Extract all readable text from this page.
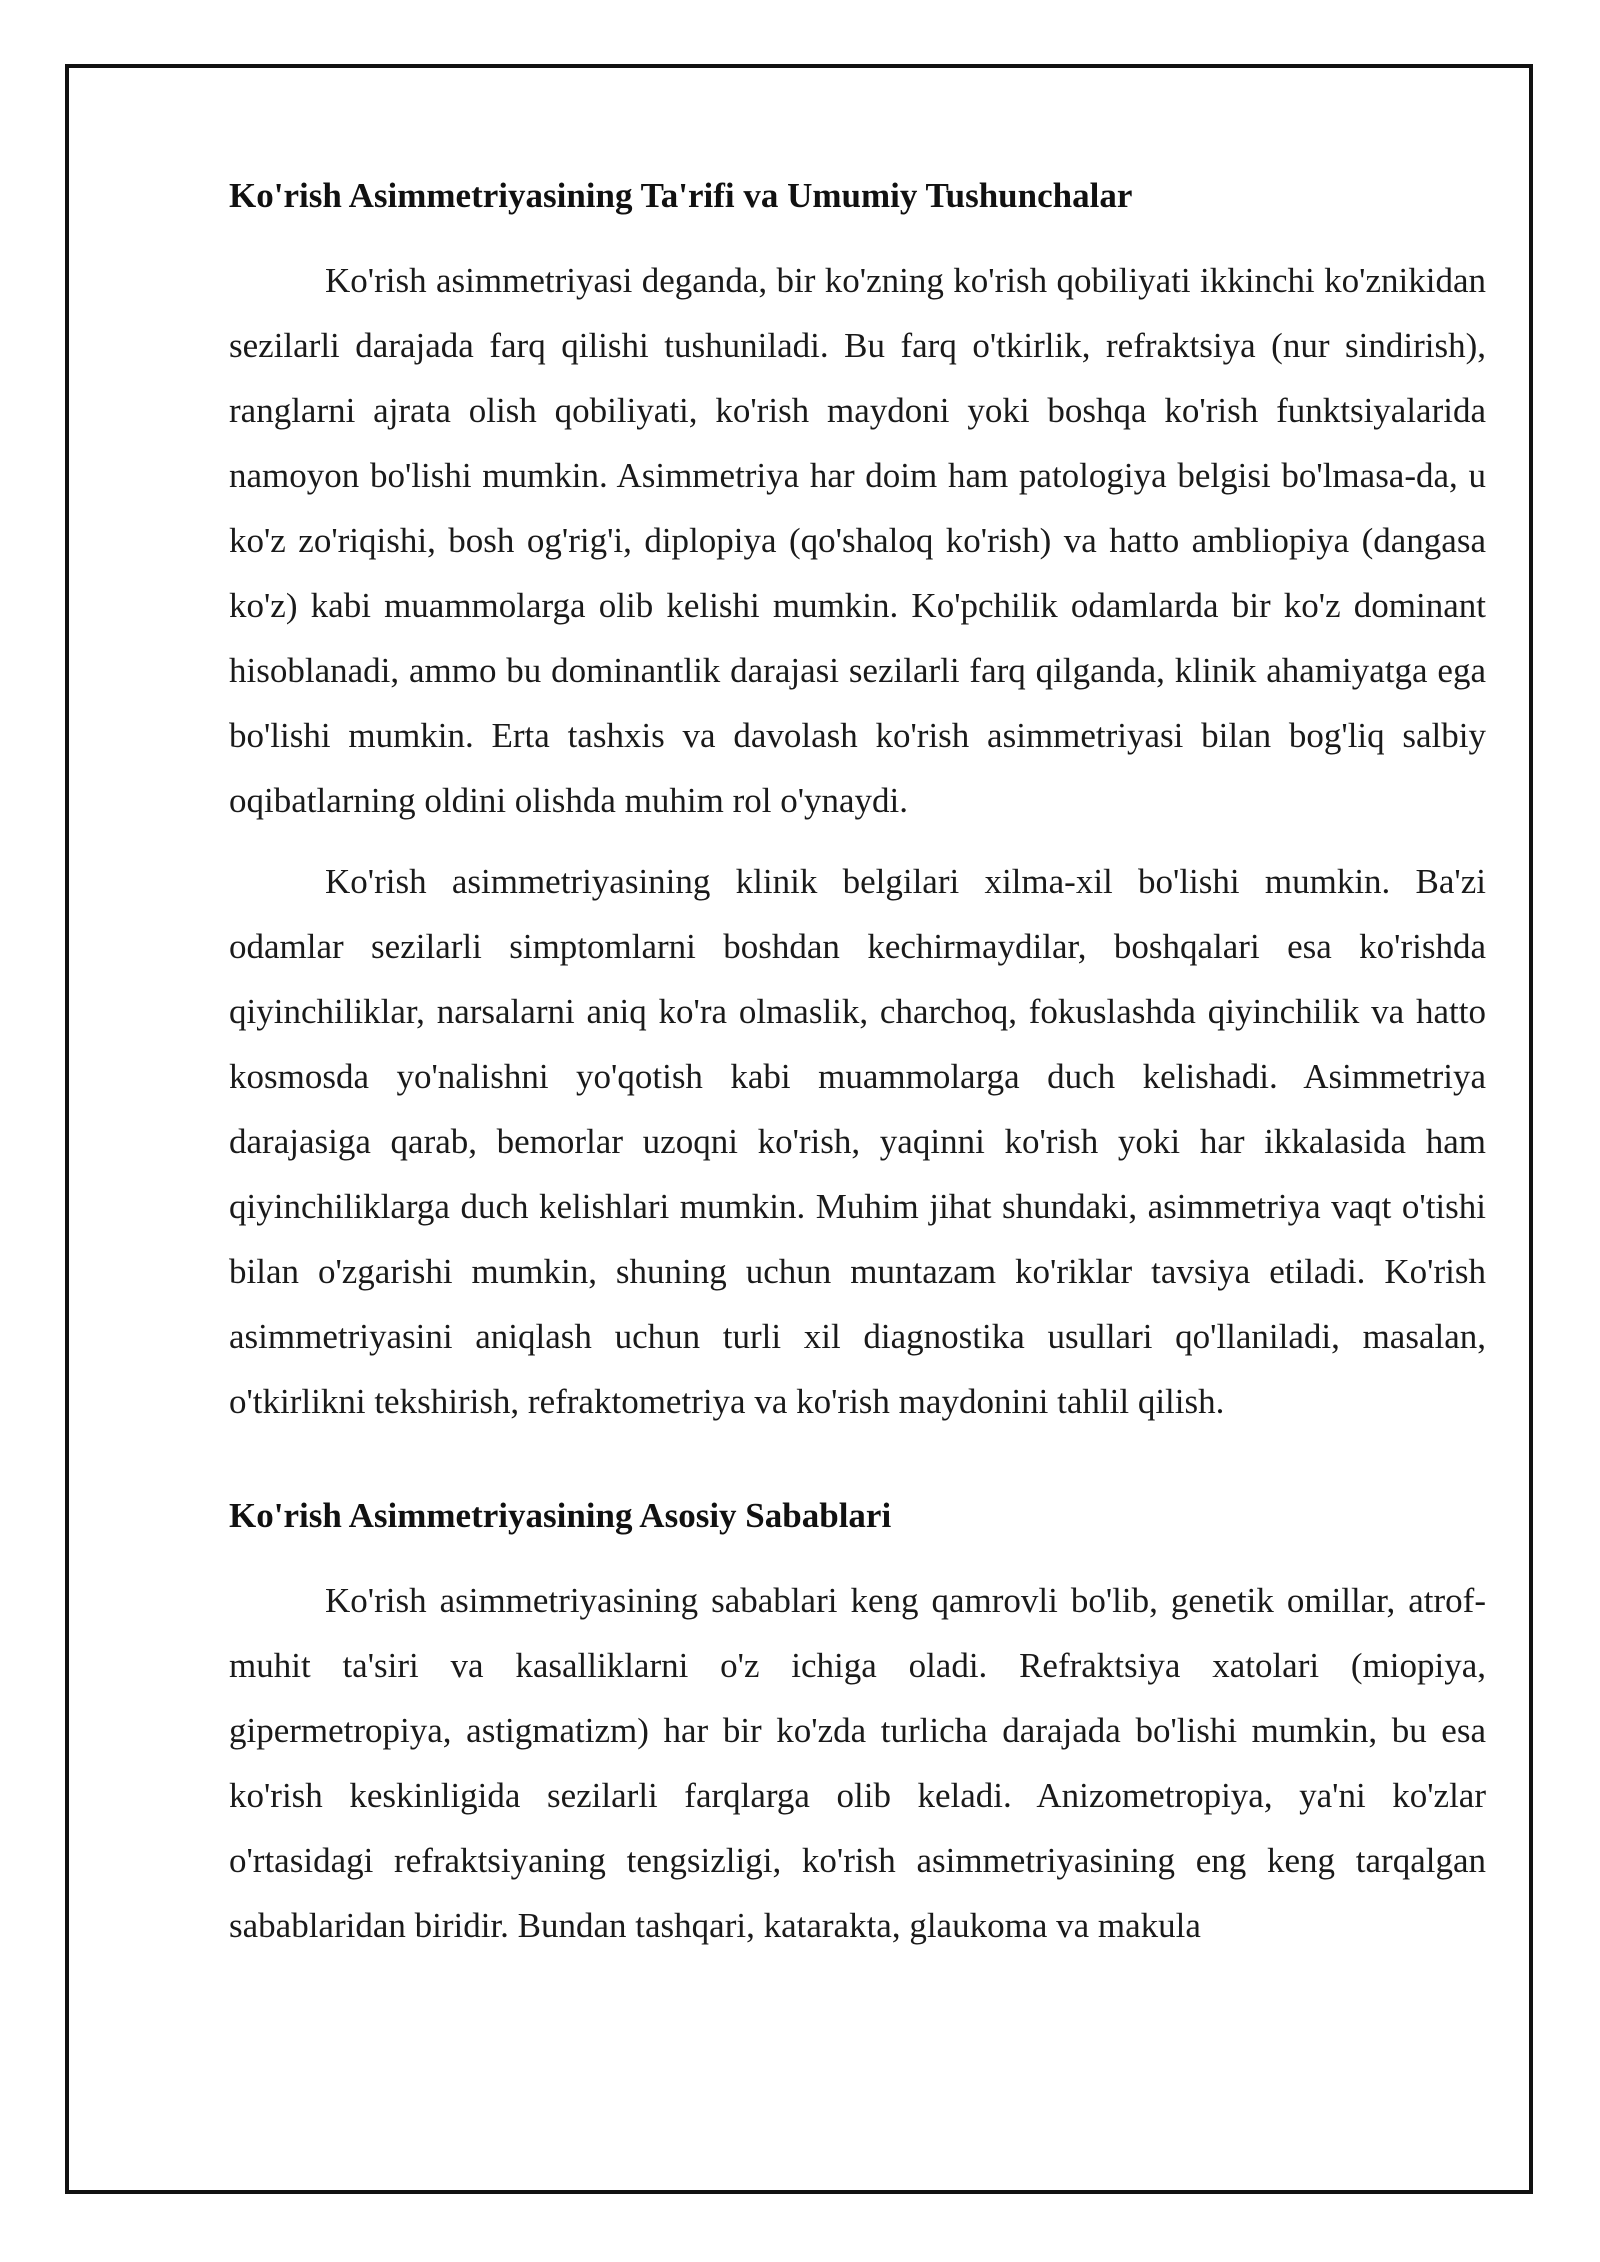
Ko'rish Asimmetriyasining Ta'rifi va Umumiy Tushunchalar

Ko'rish asimmetriyasi deganda, bir ko'zning ko'rish qobiliyati ikkinchi ko'znikidan sezilarli darajada farq qilishi tushuniladi. Bu farq o'tkirlik, refraktsiya (nur sindirish), ranglarni ajrata olish qobiliyati, ko'rish maydoni yoki boshqa ko'rish funktsiyalarida namoyon bo'lishi mumkin. Asimmetriya har doim ham patologiya belgisi bo'lmasa-da, u ko'z zo'riqishi, bosh og'rig'i, diplopiya (qo'shaloq ko'rish) va hatto ambliopiya (dangasa ko'z) kabi muammolarga olib kelishi mumkin. Ko'pchilik odamlarda bir ko'z dominant hisoblanadi, ammo bu dominantlik darajasi sezilarli farq qilganda, klinik ahamiyatga ega bo'lishi mumkin. Erta tashxis va davolash ko'rish asimmetriyasi bilan bog'liq salbiy oqibatlarning oldini olishda muhim rol o'ynaydi.

Ko'rish asimmetriyasining klinik belgilari xilma-xil bo'lishi mumkin. Ba'zi odamlar sezilarli simptomlarni boshdan kechirmaydilar, boshqalari esa ko'rishda qiyinchiliklar, narsalarni aniq ko'ra olmaslik, charchoq, fokuslashda qiyinchilik va hatto kosmosda yo'nalishni yo'qotish kabi muammolarga duch kelishadi. Asimmetriya darajasiga qarab, bemorlar uzoqni ko'rish, yaqinni ko'rish yoki har ikkalasida ham qiyinchiliklarga duch kelishlari mumkin. Muhim jihat shundaki, asimmetriya vaqt o'tishi bilan o'zgarishi mumkin, shuning uchun muntazam ko'riklar tavsiya etiladi. Ko'rish asimmetriyasini aniqlash uchun turli xil diagnostika usullari qo'llaniladi, masalan, o'tkirlikni tekshirish, refraktometriya va ko'rish maydonini tahlil qilish.

Ko'rish Asimmetriyasining Asosiy Sabablari

Ko'rish asimmetriyasining sabablari keng qamrovli bo'lib, genetik omillar, atrof-muhit ta'siri va kasalliklarni o'z ichiga oladi. Refraktsiya xatolari (miopiya, gipermetropiya, astigmatizm) har bir ko'zda turlicha darajada bo'lishi mumkin, bu esa ko'rish keskinligida sezilarli farqlarga olib keladi. Anizometropiya, ya'ni ko'zlar o'rtasidagi refraktsiyaning tengsizligi, ko'rish asimmetriyasining eng keng tarqalgan sabablaridan biridir. Bundan tashqari, katarakta, glaukoma va makula
